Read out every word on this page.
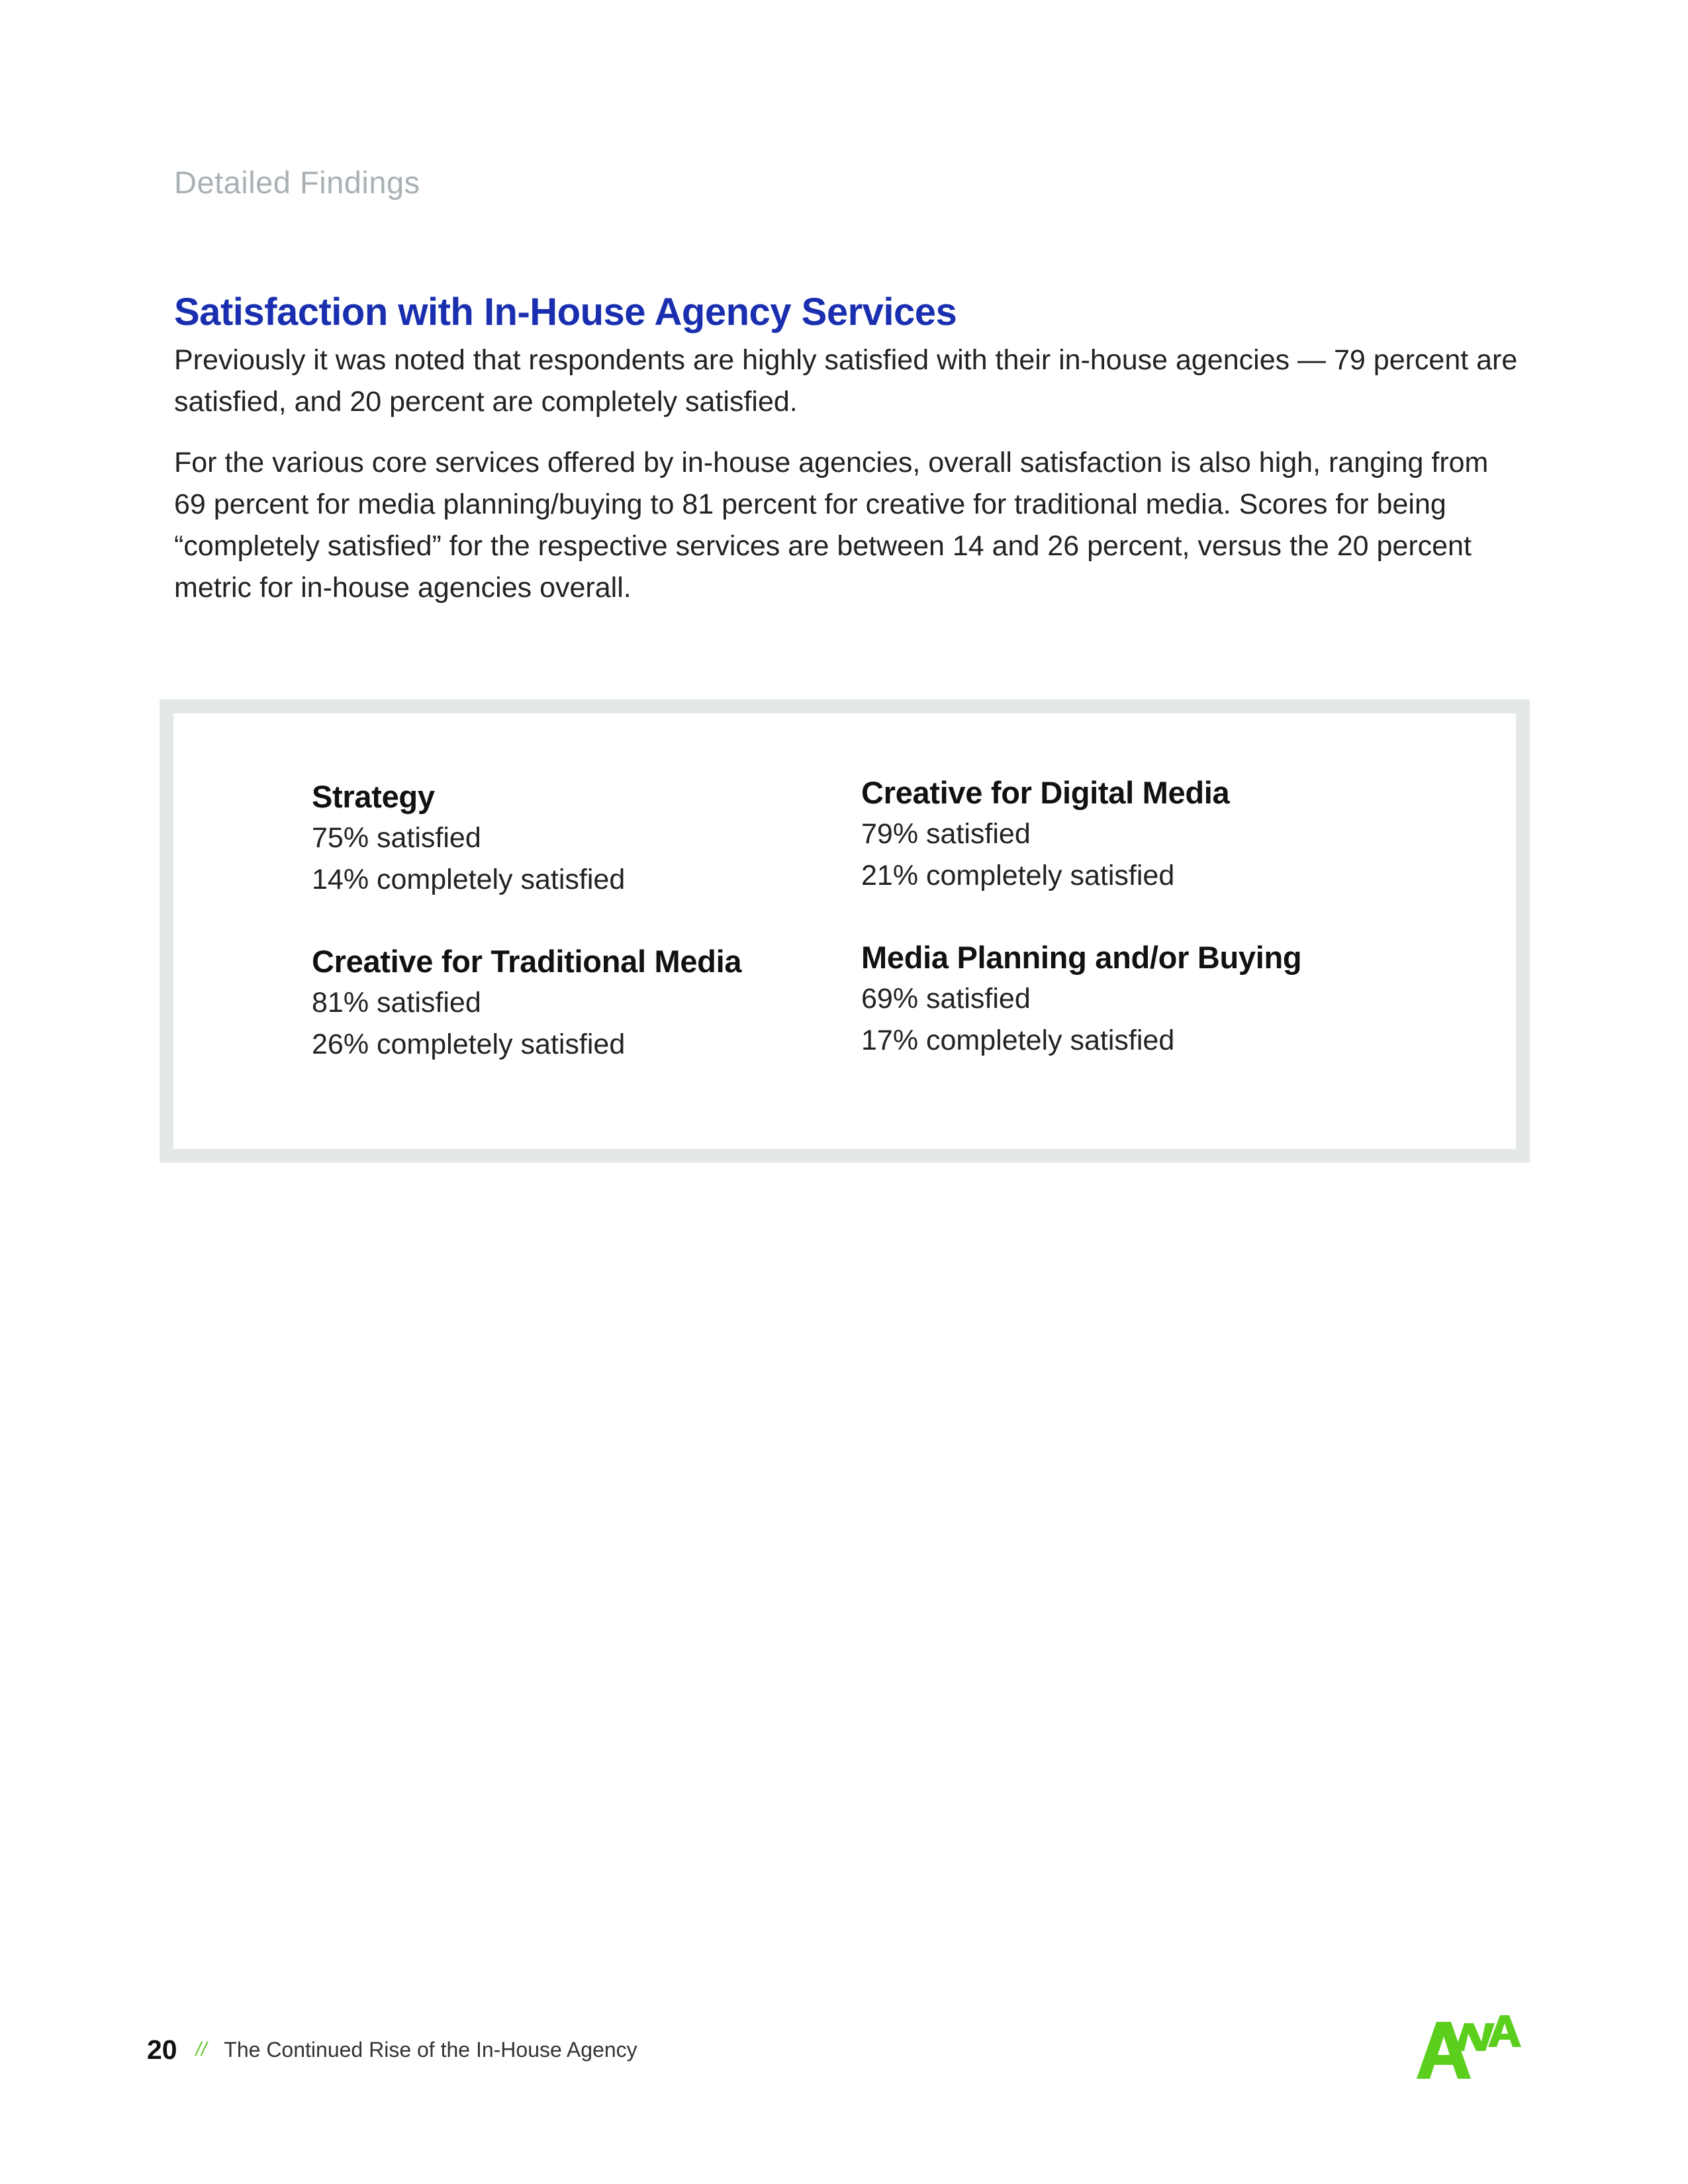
Detailed Findings
Satisfaction with In-House Agency Services

Previously it was noted that respondents are highly satisfied with their in-house agencies — 79 percent are satisfied, and 20 percent are completely satisfied.

For the various core services offered by in-house agencies, overall satisfaction is also high, ranging from 69 percent for media planning/buying to 81 percent for creative for traditional media. Scores for being “completely satisfied” for the respective services are between 14 and 26 percent, versus the 20 percent metric for in-house agencies overall.

Strategy
75% satisfied
14% completely satisfied
Creative for Digital Media
79% satisfied
21% completely satisfied
Creative for Traditional Media
81% satisfied
26% completely satisfied
Media Planning and/or Buying
69% satisfied
17% completely satisfied
20 // The Continued Rise of the In-House Agency
